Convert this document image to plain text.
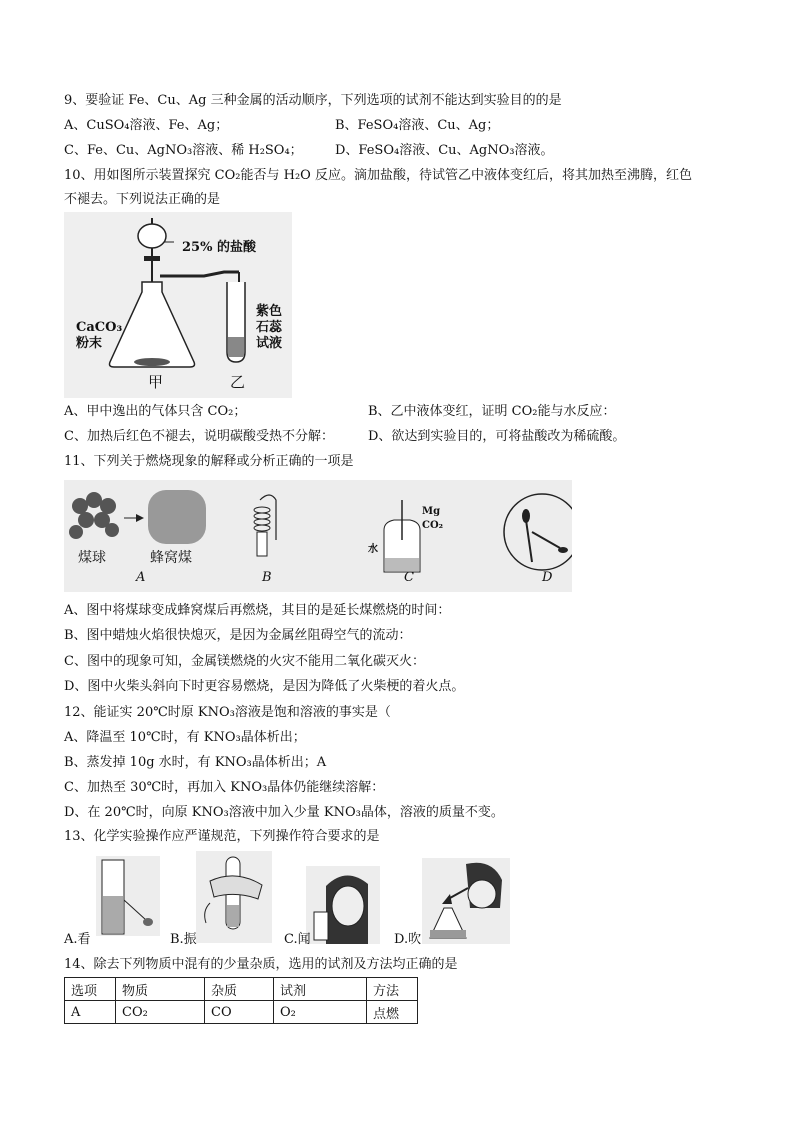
9、要验证 Fe、Cu、Ag 三种金属的活动顺序，下列选项的试剂不能达到实验目的的是
A、CuSO₄溶液、Fe、Ag；	B、FeSO₄溶液、Cu、Ag；
C、Fe、Cu、AgNO₃溶液、稀 H₂SO₄； D、FeSO₄溶液、Cu、AgNO₃溶液。
10、用如图所示装置探究 CO₂能否与 H₂O 反应。滴加盐酸，待试管乙中液体变红后，将其加热至沸腾，红色
不褪去。下列说法正确的是
25% 的盐酸
CaCO₃
粉末
紫色
石蕊
试液
甲	乙
A、甲中逸出的气体只含 CO₂；	B、乙中液体变红，证明 CO₂能与水反应：
C、加热后红色不褪去，说明碳酸受热不分解：	D、欲达到实验目的，可将盐酸改为稀硫酸。
11、下列关于燃烧现象的解释或分析正确的一项是
煤球	蜂窝煤
A	B	C	D
Mg
CO₂
水
A、图中将煤球变成蜂窝煤后再燃烧，其目的是延长煤燃烧的时间：
B、图中蜡烛火焰很快熄灭，是因为金属丝阻碍空气的流动：
C、图中的现象可知，金属镁燃烧的火灾不能用二氧化碳灭火：
D、图中火柴头斜向下时更容易燃烧，是因为降低了火柴梗的着火点。
12、能证实 20℃时原 KNO₃溶液是饱和溶液的事实是（
A、降温至 10℃时，有 KNO₃晶体析出；
B、蒸发掉 10g 水时，有 KNO₃晶体析出；A
C、加热至 30℃时，再加入 KNO₃晶体仍能继续溶解：
D、在 20℃时，向原 KNO₃溶液中加入少量 KNO₃晶体，溶液的质量不变。
13、化学实验操作应严谨规范，下列操作符合要求的是
A.看	B.振	C.闻	D.吹
14、除去下列物质中混有的少量杂质，选用的试剂及方法均正确的是
选项	物质	杂质	试剂	方法
A	CO₂	CO	O₂	点燃
